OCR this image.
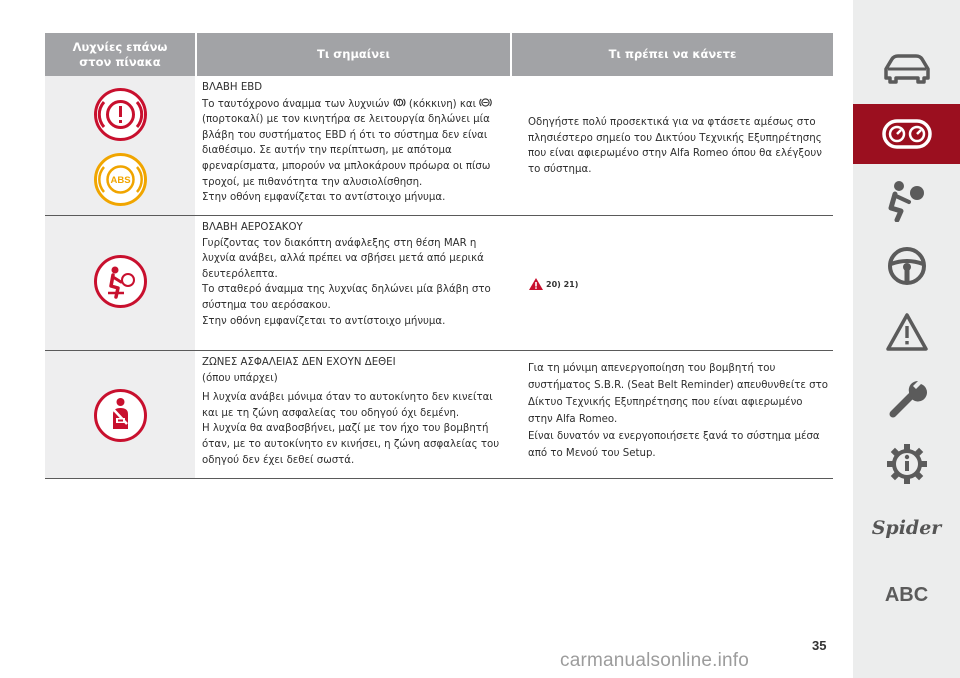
Λυχνίες επάνω
στον πίνακα
Τι σημαίνει	Τι πρέπει να κάνετε
ABS

ΒΛΑΒΗ EBD

Το ταυτόχρονο άναμμα των λυχνιών (κόκκινη) και

(πορτοκαλί) με τον κινητήρα σε λειτουργία δηλώνει μία

βλάβη του συστήματος EBD ή ότι το σύστημα δεν είναι

διαθέσιμο. Σε αυτήν την περίπτωση, με απότομα

φρεναρίσματα, μπορούν να μπλοκάρουν πρόωρα οι πίσω

τροχοί, με πιθανότητα την αλυσιολίσθηση.

Στην οθόνη εμφανίζεται το αντίστοιχο μήνυμα.

Οδηγήστε πολύ προσεκτικά για να φτάσετε αμέσως στο

πλησιέστερο σημείο του Δικτύου Τεχνικής Εξυπηρέτησης

που είναι αφιερωμένο στην Alfa Romeo όπου θα ελέγξουν

το σύστημα.

ΒΛΑΒΗ ΑΕΡΟΣΑΚΟΥ

Γυρίζοντας τον διακόπτη ανάφλεξης στη θέση MAR η

λυχνία ανάβει, αλλά πρέπει να σβήσει μετά από μερικά

δευτερόλεπτα.

Το σταθερό άναμμα της λυχνίας δηλώνει μία βλάβη στο

σύστημα του αερόσακου.

Στην οθόνη εμφανίζεται το αντίστοιχο μήνυμα.

20) 21)

ΖΩΝΕΣ ΑΣΦΑΛΕΙΑΣ ΔΕΝ ΕΧΟΥΝ ΔΕΘΕΙ

(όπου υπάρχει)

Η λυχνία ανάβει μόνιμα όταν το αυτοκίνητο δεν κινείται

και με τη ζώνη ασφαλείας του οδηγού όχι δεμένη.

Η λυχνία θα αναβοσβήνει, μαζί με τον ήχο του βομβητή

όταν, με το αυτοκίνητο εν κινήσει, η ζώνη ασφαλείας του

οδηγού δεν έχει δεθεί σωστά.

Για τη μόνιμη απενεργοποίηση του βομβητή του

συστήματος S.B.R. (Seat Belt Reminder) απευθυνθείτε στο

Δίκτυο Τεχνικής Εξυπηρέτησης που είναι αφιερωμένο

στην Alfa Romeo.

Είναι δυνατόν να ενεργοποιήσετε ξανά το σύστημα μέσα

από το Μενού του Setup.

Spider
ABC
35
carmanualsonline.info
